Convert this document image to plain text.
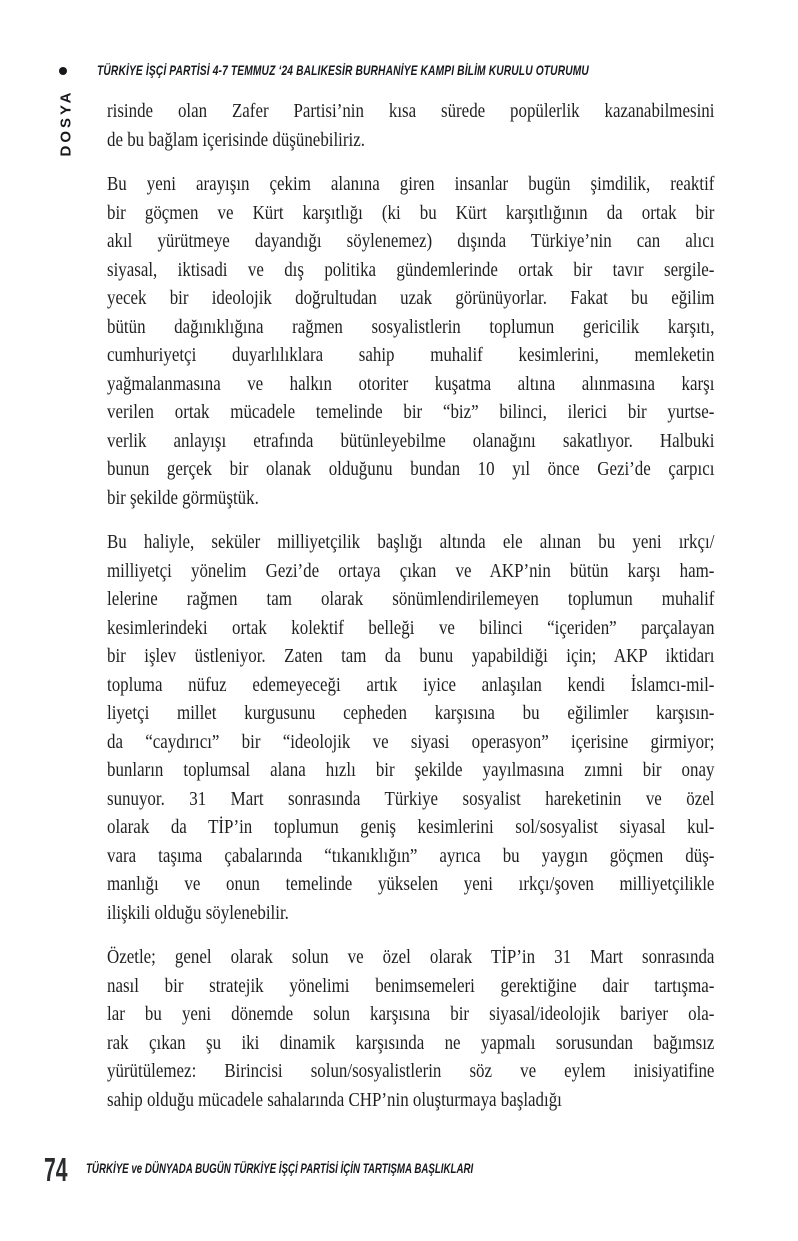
TÜRKİYE İŞÇİ PARTİSİ 4-7 TEMMUZ ‘24 BALIKESİR BURHANİYE KAMPI BİLİM KURULU OTURUMU
DOSYA risinde olan Zafer Partisi’nin kısa sürede popülerlik kazanabilmesini
de bu bağlam içerisinde düşünebiliriz.
Bu yeni arayışın çekim alanına giren insanlar bugün şimdilik, reaktif
bir göçmen ve Kürt karşıtlığı (ki bu Kürt karşıtlığının da ortak bir
akıl yürütmeye dayandığı söylenemez) dışında Türkiye’nin can alıcı
siyasal, iktisadi ve dış politika gündemlerinde ortak bir tavır sergile-
yecek bir ideolojik doğrultudan uzak görünüyorlar. Fakat bu eğilim
bütün dağınıklığına rağmen sosyalistlerin toplumun gericilik karşıtı,
cumhuriyetçi duyarlılıklara sahip muhalif kesimlerini, memleketin
yağmalanmasına ve halkın otoriter kuşatma altına alınmasına karşı
verilen ortak mücadele temelinde bir “biz” bilinci, ilerici bir yurtse-
verlik anlayışı etrafında bütünleyebilme olanağını sakatlıyor. Halbuki
bunun gerçek bir olanak olduğunu bundan 10 yıl önce Gezi’de çarpıcı
bir şekilde görmüştük.
Bu haliyle, seküler milliyetçilik başlığı altında ele alınan bu yeni ırkçı/
milliyetçi yönelim Gezi’de ortaya çıkan ve AKP’nin bütün karşı ham-
lelerine rağmen tam olarak sönümlendirilemeyen toplumun muhalif
kesimlerindeki ortak kolektif belleği ve bilinci “içeriden” parçalayan
bir işlev üstleniyor. Zaten tam da bunu yapabildiği için; AKP iktidarı
topluma nüfuz edemeyeceği artık iyice anlaşılan kendi İslamcı-mil-
liyetçi millet kurgusunu cepheden karşısına bu eğilimler karşısın-
da “caydırıcı” bir “ideolojik ve siyasi operasyon” içerisine girmiyor;
bunların toplumsal alana hızlı bir şekilde yayılmasına zımni bir onay
sunuyor. 31 Mart sonrasında Türkiye sosyalist hareketinin ve özel
olarak da TİP’in toplumun geniş kesimlerini sol/sosyalist siyasal kul-
vara taşıma çabalarında “tıkanıklığın” ayrıca bu yaygın göçmen düş-
manlığı ve onun temelinde yükselen yeni ırkçı/şoven milliyetçilikle
ilişkili olduğu söylenebilir.
Özetle; genel olarak solun ve özel olarak TİP’in 31 Mart sonrasında
nasıl bir stratejik yönelimi benimsemeleri gerektiğine dair tartışma-
lar bu yeni dönemde solun karşısına bir siyasal/ideolojik bariyer ola-
rak çıkan şu iki dinamik karşısında ne yapmalı sorusundan bağımsız
yürütülemez: Birincisi solun/sosyalistlerin söz ve eylem inisiyatifine
sahip olduğu mücadele sahalarında CHP’nin oluşturmaya başladığı
74 TÜRKİYE ve DÜNYADA BUGÜN TÜRKİYE İŞÇİ PARTİSİ İÇİN TARTIŞMA BAŞLIKLARI
